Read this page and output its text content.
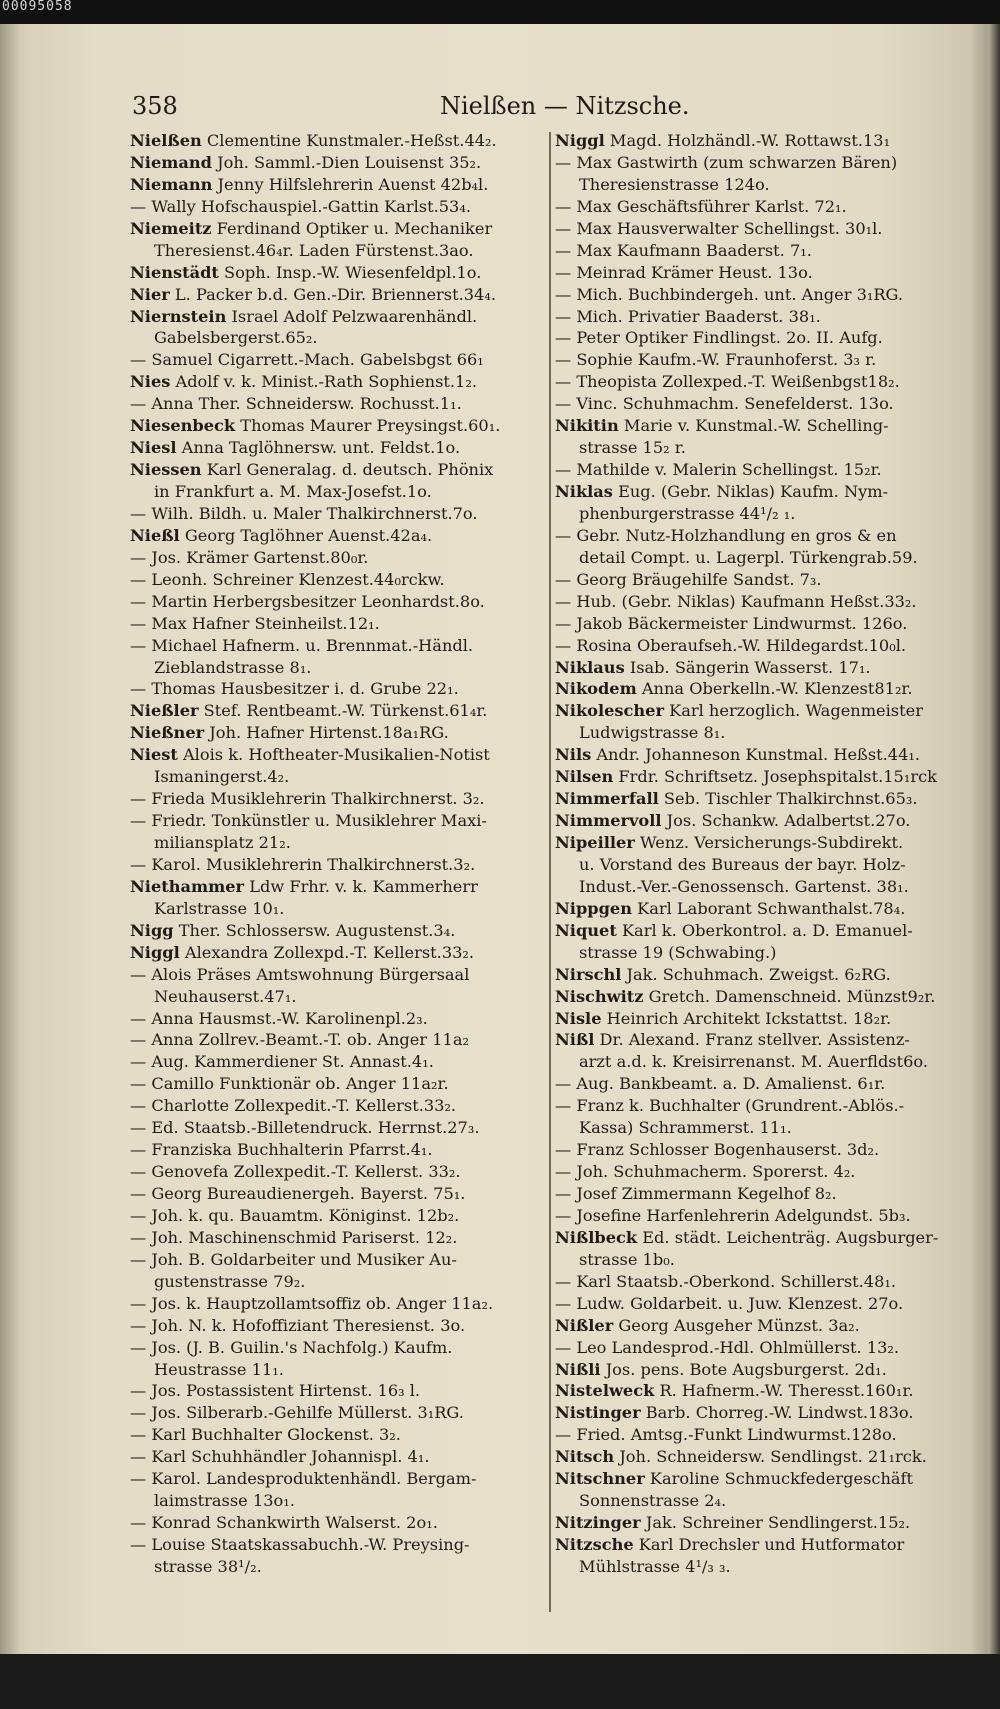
00095058
358	Nielßen — Nitzsche.
Nielßen Clementine Kunstmaler.-Heßst.44₂.
Niemand Joh. Samml.-Dien Louisenst 35₂.
Niemann Jenny Hilfslehrerin Auenst 42b₄l.
— Wally Hofschauspiel.-Gattin Karlst.53₄.
Niemeitz Ferdinand Optiker u. Mechaniker
Theresienst.46₄r. Laden Fürstenst.3ao.
Nienstädt Soph. Insp.-W. Wiesenfeldpl.1o.
Nier L. Packer b.d. Gen.-Dir. Briennerst.34₄.
Niernstein Israel Adolf Pelzwaarenhändl.
Gabelsbergerst.65₂.
— Samuel Cigarrett.-Mach. Gabelsbgst 66₁
Nies Adolf v. k. Minist.-Rath Sophienst.1₂.
— Anna Ther. Schneidersw. Rochusst.1₁.
Niesenbeck Thomas Maurer Preysingst.60₁.
Niesl Anna Taglöhnersw. unt. Feldst.1o.
Niessen Karl Generalag. d. deutsch. Phönix
in Frankfurt a. M. Max-Josefst.1o.
— Wilh. Bildh. u. Maler Thalkirchnerst.7o.
Nießl Georg Taglöhner Auenst.42a₄.
— Jos. Krämer Gartenst.80₀r.
— Leonh. Schreiner Klenzest.44₀rckw.
— Martin Herbergsbesitzer Leonhardst.8o.
— Max Hafner Steinheilst.12₁.
— Michael Hafnerm. u. Brennmat.-Händl.
Zieblandstrasse 8₁.
— Thomas Hausbesitzer i. d. Grube 22₁.
Nießler Stef. Rentbeamt.-W. Türkenst.61₄r.
Nießner Joh. Hafner Hirtenst.18a₁RG.
Niest Alois k. Hoftheater-Musikalien-Notist
Ismaningerst.4₂.
— Frieda Musiklehrerin Thalkirchnerst. 3₂.
— Friedr. Tonkünstler u. Musiklehrer Maxi-
miliansplatz 21₂.
— Karol. Musiklehrerin Thalkirchnerst.3₂.
Niethammer Ldw Frhr. v. k. Kammerherr
Karlstrasse 10₁.
Nigg Ther. Schlossersw. Augustenst.3₄.
Niggl Alexandra Zollexpd.-T. Kellerst.33₂.
— Alois Präses Amtswohnung Bürgersaal
Neuhauserst.47₁.
— Anna Hausmst.-W. Karolinenpl.2₃.
— Anna Zollrev.-Beamt.-T. ob. Anger 11a₂
— Aug. Kammerdiener St. Annast.4₁.
— Camillo Funktionär ob. Anger 11a₂r.
— Charlotte Zollexpedit.-T. Kellerst.33₂.
— Ed. Staatsb.-Billetendruck. Herrnst.27₃.
— Franziska Buchhalterin Pfarrst.4₁.
— Genovefa Zollexpedit.-T. Kellerst. 33₂.
— Georg Bureaudienergeh. Bayerst. 75₁.
— Joh. k. qu. Bauamtm. Königinst. 12b₂.
— Joh. Maschinenschmid Pariserst. 12₂.
— Joh. B. Goldarbeiter und Musiker Au-
gustenstrasse 79₂.
— Jos. k. Hauptzollamtsoffiz ob. Anger 11a₂.
— Joh. N. k. Hofoffiziant Theresienst. 3o.
— Jos. (J. B. Guilin.'s Nachfolg.) Kaufm.
Heustrasse 11₁.
— Jos. Postassistent Hirtenst. 16₃ l.
— Jos. Silberarb.-Gehilfe Müllerst. 3₁RG.
— Karl Buchhalter Glockenst. 3₂.
— Karl Schuhhändler Johannispl. 4₁.
— Karol. Landesproduktenhändl. Bergam-
laimstrasse 13o₁.
— Konrad Schankwirth Walserst. 2o₁.
— Louise Staatskassabuchh.-W. Preysing-
strasse 38¹/₂.
Niggl Magd. Holzhändl.-W. Rottawst.13₁
— Max Gastwirth (zum schwarzen Bären)
Theresienstrasse 124o.
— Max Geschäftsführer Karlst. 72₁.
— Max Hausverwalter Schellingst. 30₁l.
— Max Kaufmann Baaderst. 7₁.
— Meinrad Krämer Heust. 13o.
— Mich. Buchbindergeh. unt. Anger 3₁RG.
— Mich. Privatier Baaderst. 38₁.
— Peter Optiker Findlingst. 2o. II. Aufg.
— Sophie Kaufm.-W. Fraunhoferst. 3₃ r.
— Theopista Zollexped.-T. Weißenbgst18₂.
— Vinc. Schuhmachm. Senefelderst. 13o.
Nikitin Marie v. Kunstmal.-W. Schelling-
strasse 15₂ r.
— Mathilde v. Malerin Schellingst. 15₂r.
Niklas Eug. (Gebr. Niklas) Kaufm. Nym-
phenburgerstrasse 44¹/₂ ₁.
— Gebr. Nutz-Holzhandlung en gros & en
detail Compt. u. Lagerpl. Türkengrab.59.
— Georg Bräugehilfe Sandst. 7₃.
— Hub. (Gebr. Niklas) Kaufmann Heßst.33₂.
— Jakob Bäckermeister Lindwurmst. 126o.
— Rosina Oberaufseh.-W. Hildegardst.10₀l.
Niklaus Isab. Sängerin Wasserst. 17₁.
Nikodem Anna Oberkelln.-W. Klenzest81₂r.
Nikolescher Karl herzoglich. Wagenmeister
Ludwigstrasse 8₁.
Nils Andr. Johanneson Kunstmal. Heßst.44₁.
Nilsen Frdr. Schriftsetz. Josephspitalst.15₁rck
Nimmerfall Seb. Tischler Thalkirchnst.65₃.
Nimmervoll Jos. Schankw. Adalbertst.27o.
Nipeiller Wenz. Versicherungs-Subdirekt.
u. Vorstand des Bureaus der bayr. Holz-
Indust.-Ver.-Genossensch. Gartenst. 38₁.
Nippgen Karl Laborant Schwanthalst.78₄.
Niquet Karl k. Oberkontrol. a. D. Emanuel-
strasse 19 (Schwabing.)
Nirschl Jak. Schuhmach. Zweigst. 6₂RG.
Nischwitz Gretch. Damenschneid. Münzst9₂r.
Nisle Heinrich Architekt Ickstattst. 18₂r.
Nißl Dr. Alexand. Franz stellver. Assistenz-
arzt a.d. k. Kreisirrenanst. M. Auerfldst6o.
— Aug. Bankbeamt. a. D. Amalienst. 6₁r.
— Franz k. Buchhalter (Grundrent.-Ablös.-
Kassa) Schrammerst. 11₁.
— Franz Schlosser Bogenhauserst. 3d₂.
— Joh. Schuhmacherm. Sporerst. 4₂.
— Josef Zimmermann Kegelhof 8₂.
— Josefine Harfenlehrerin Adelgundst. 5b₃.
Nißlbeck Ed. städt. Leichenträg. Augsburger-
strasse 1b₀.
— Karl Staatsb.-Oberkond. Schillerst.48₁.
— Ludw. Goldarbeit. u. Juw. Klenzest. 27o.
Nißler Georg Ausgeher Münzst. 3a₂.
— Leo Landesprod.-Hdl. Ohlmüllerst. 13₂.
Nißli Jos. pens. Bote Augsburgerst. 2d₁.
Nistelweck R. Hafnerm.-W. Theresst.160₁r.
Nistinger Barb. Chorreg.-W. Lindwst.183o.
— Fried. Amtsg.-Funkt Lindwurmst.128o.
Nitsch Joh. Schneidersw. Sendlingst. 21₁rck.
Nitschner Karoline Schmuckfedergeschäft
Sonnenstrasse 2₄.
Nitzinger Jak. Schreiner Sendlingerst.15₂.
Nitzsche Karl Drechsler und Hutformator
Mühlstrasse 4¹/₃ ₃.
